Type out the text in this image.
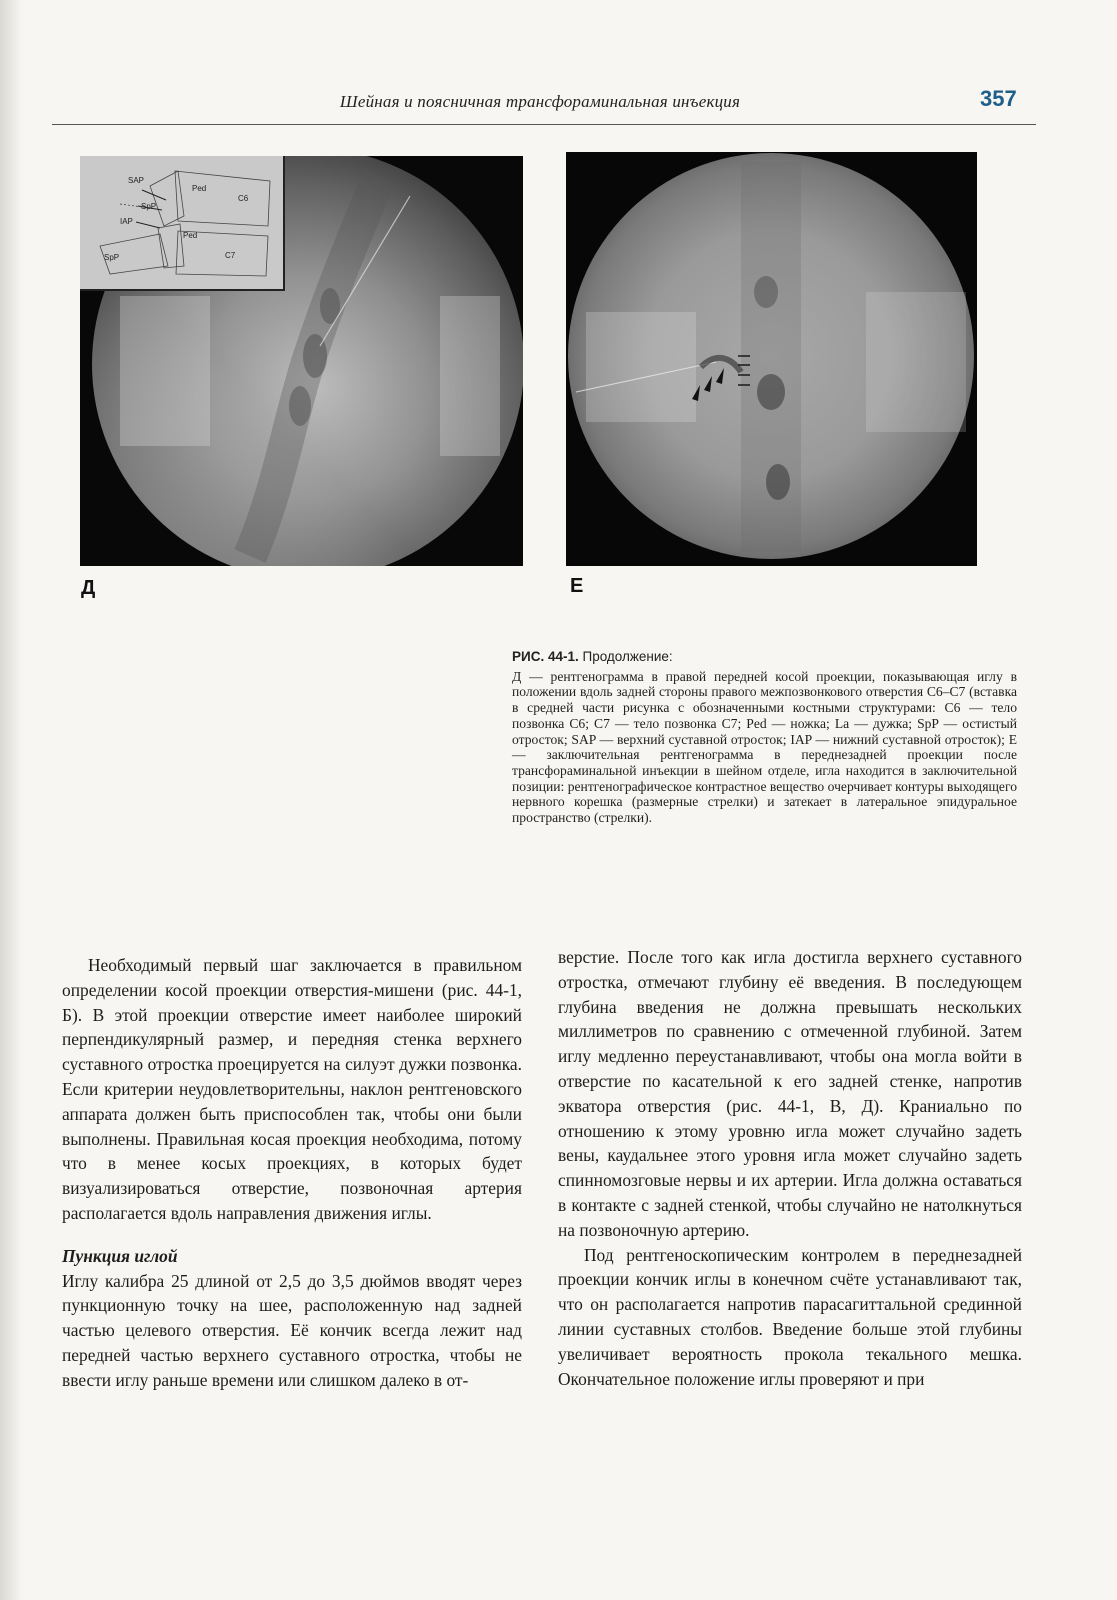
Шейная и поясничная трансфораминальная инъекция	357
SAP
SpP
IAP
Ped
C6
Ped
SpP	C7
Д	Е
РИС. 44-1. Продолжение:
Д — рентгенограмма в правой передней косой проекции, показывающая иглу в положении вдоль задней стороны правого межпозвонкового отверстия С6–С7 (вставка в средней части рисунка с обозначенными костными структурами: С6 — тело позвонка С6; С7 — тело позвонка С7; Ped — ножка; La — дужка; SpP — остистый отросток; SAP — верхний суставной отросток; IAP — нижний суставной отросток); Е — заключительная рентгенограмма в переднезадней проекции после трансфораминальной инъекции в шейном отделе, игла находится в заключительной позиции: рентгенографическое контрастное вещество очерчивает контуры выходящего нервного корешка (размерные стрелки) и затекает в латеральное эпидуральное пространство (стрелки).

Необходимый первый шаг заключается в правильном определении косой проекции отверстия-мишени (рис. 44-1, Б). В этой проекции отверстие имеет наиболее широкий перпендикулярный размер, и передняя стенка верхнего суставного отростка проецируется на силуэт дужки позвонка. Если критерии неудовлетворительны, наклон рентгеновского аппарата должен быть приспособлен так, чтобы они были выполнены. Правильная косая проекция необходима, потому что в менее косых проекциях, в которых будет визуализироваться отверстие, позвоночная артерия располагается вдоль направления движения иглы.

Пункция иглой

Иглу калибра 25 длиной от 2,5 до 3,5 дюймов вводят через пункционную точку на шее, расположенную над задней частью целевого отверстия. Её кончик всегда лежит над передней частью верхнего суставного отростка, чтобы не ввести иглу раньше времени или слишком далеко в от-

верстие. После того как игла достигла верхнего суставного отростка, отмечают глубину её введения. В последующем глубина введения не должна превышать нескольких миллиметров по сравнению с отмеченной глубиной. Затем иглу медленно переустанавливают, чтобы она могла войти в отверстие по касательной к его задней стенке, напротив экватора отверстия (рис. 44-1, В, Д). Краниально по отношению к этому уровню игла может случайно задеть вены, каудальнее этого уровня игла может случайно задеть спинномозговые нервы и их артерии. Игла должна оставаться в контакте с задней стенкой, чтобы случайно не натолкнуться на позвоночную артерию.

Под рентгеноскопическим контролем в переднезадней проекции кончик иглы в конечном счёте устанавливают так, что он располагается напротив парасагиттальной срединной линии суставных столбов. Введение больше этой глубины увеличивает вероятность прокола текального мешка. Окончательное положение иглы проверяют и при
